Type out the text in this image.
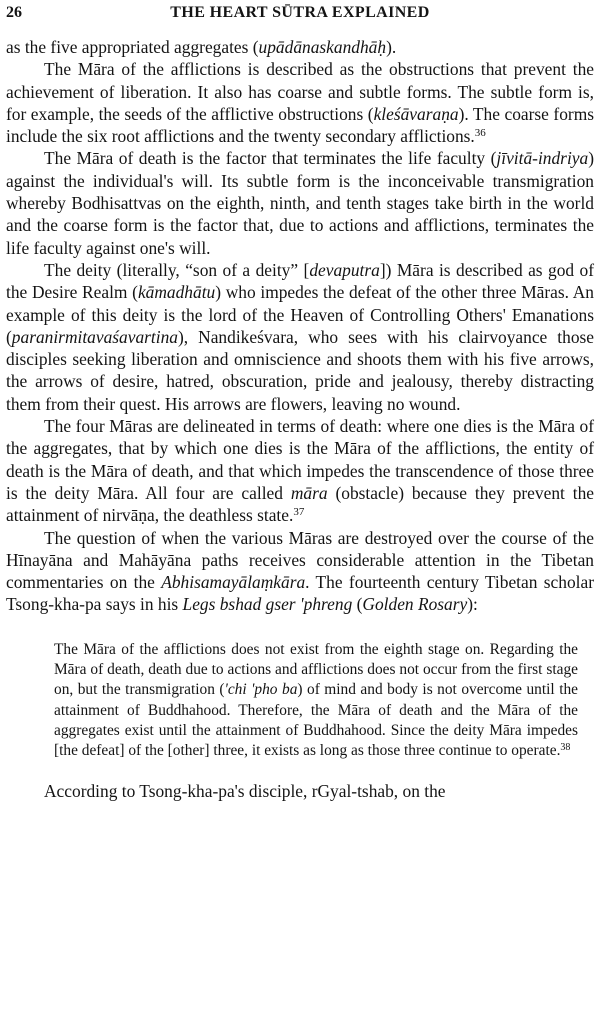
26	THE HEART SŪTRA EXPLAINED

as the five appropriated aggregates (upādānaskandhāḥ).

The Māra of the afflictions is described as the obstructions that prevent the achievement of liberation. It also has coarse and subtle forms. The subtle form is, for example, the seeds of the afflictive obstructions (kleśāvaraṇa). The coarse forms include the six root afflictions and the twenty secondary afflictions.$^{36}$

The Māra of death is the factor that terminates the life faculty (jīvitā-indriya) against the individual's will. Its subtle form is the inconceivable transmigration whereby Bodhisattvas on the eighth, ninth, and tenth stages take birth in the world and the coarse form is the factor that, due to actions and afflictions, terminates the life faculty against one's will.

The deity (literally, “son of a deity” [devaputra]) Māra is described as god of the Desire Realm (kāmadhātu) who impedes the defeat of the other three Māras. An example of this deity is the lord of the Heaven of Controlling Others' Emanations (paranirmitavaśavartina), Nandikeśvara, who sees with his clairvoyance those disciples seeking liberation and omniscience and shoots them with his five arrows, the arrows of desire, hatred, obscuration, pride and jealousy, thereby distracting them from their quest. His arrows are flowers, leaving no wound.

The four Māras are delineated in terms of death: where one dies is the Māra of the aggregates, that by which one dies is the Māra of the afflictions, the entity of death is the Māra of death, and that which impedes the transcendence of those three is the deity Māra. All four are called māra (obstacle) because they prevent the attainment of nirvāṇa, the deathless state.$^{37}$

The question of when the various Māras are destroyed over the course of the Hīnayāna and Mahāyāna paths receives considerable attention in the Tibetan commentaries on the Abhisamayālaṃkāra. The fourteenth century Tibetan scholar Tsong-kha-pa says in his Legs bshad gser 'phreng (Golden Rosary):

The Māra of the afflictions does not exist from the eighth stage on. Regarding the Māra of death, death due to actions and afflictions does not occur from the first stage on, but the transmigration ('chi 'pho ba) of mind and body is not overcome until the attainment of Buddhahood. Therefore, the Māra of death and the Māra of the aggregates exist until the attainment of Buddhahood. Since the deity Māra impedes [the defeat] of the [other] three, it exists as long as those three continue to operate.$^{38}$
According to Tsong-kha-pa's disciple, rGyal-tshab, on the
